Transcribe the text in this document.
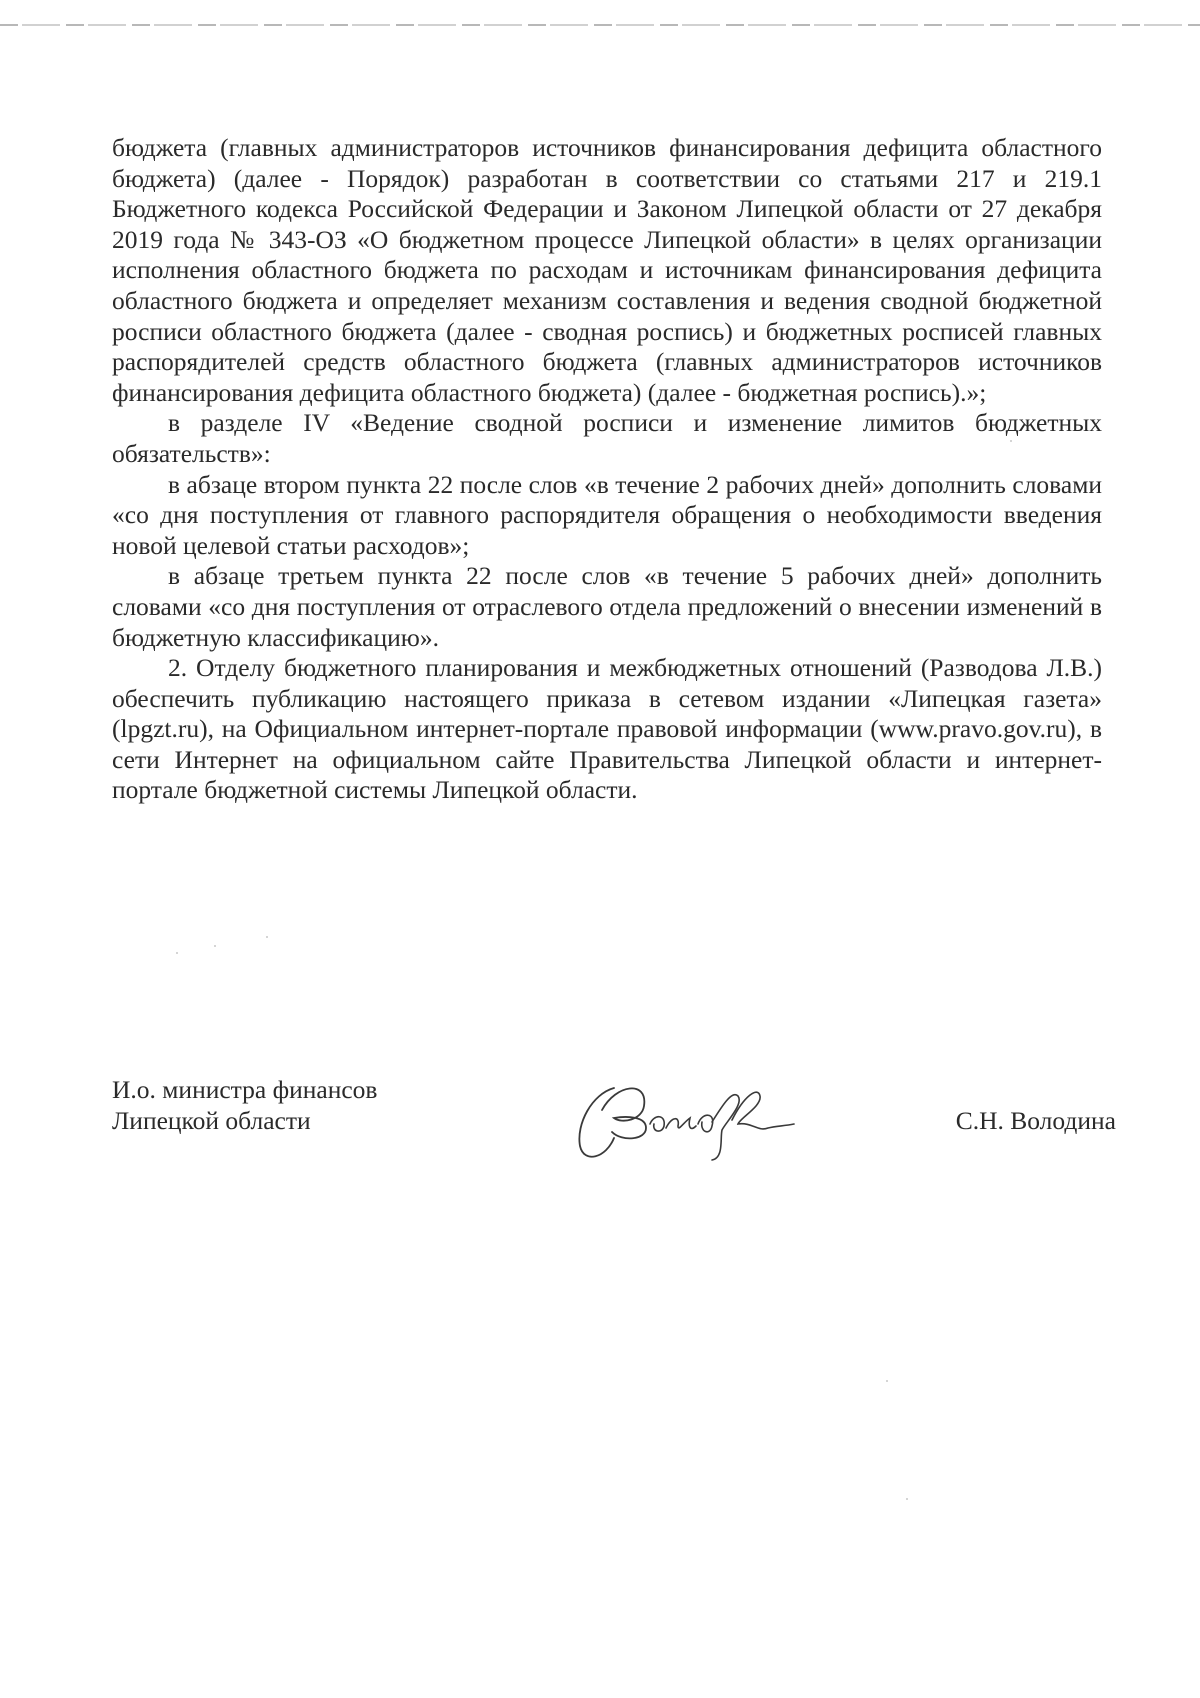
бюджета (главных администраторов источников финансирования дефицита областного бюджета) (далее - Порядок) разработан в соответствии со статьями 217 и 219.1 Бюджетного кодекса Российской Федерации и Законом Липецкой области от 27 декабря 2019 года № 343-ОЗ «О бюджетном процессе Липецкой области» в целях организации исполнения областного бюджета по расходам и источникам финансирования дефицита областного бюджета и определяет механизм составления и ведения сводной бюджетной росписи областного бюджета (далее - сводная роспись) и бюджетных росписей главных распорядителей средств областного бюджета (главных администраторов источников финансирования дефицита областного бюджета) (далее - бюджетная роспись).»;

в разделе IV «Ведение сводной росписи и изменение лимитов бюджетных обязательств»:

в абзаце втором пункта 22 после слов «в течение 2 рабочих дней» дополнить словами «со дня поступления от главного распорядителя обращения о необходимости введения новой целевой статьи расходов»;

в абзаце третьем пункта 22 после слов «в течение 5 рабочих дней» дополнить словами «со дня поступления от отраслевого отдела предложений о внесении изменений в бюджетную классификацию».

2. Отделу бюджетного планирования и межбюджетных отношений (Разводова Л.В.) обеспечить публикацию настоящего приказа в сетевом издании «Липецкая газета» (lpgzt.ru), на Официальном интернет-портале правовой информации (www.pravo.gov.ru), в сети Интернет на официальном сайте Правительства Липецкой области и интернет-портале бюджетной системы Липецкой области.

И.о. министра финансов
Липецкой области	С.Н. Володина
